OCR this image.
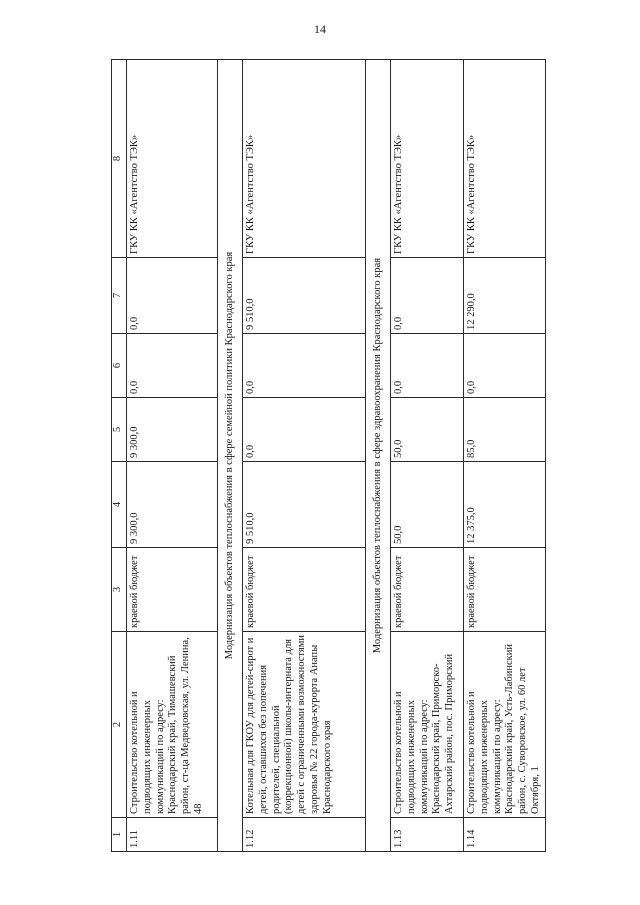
14
1	2	3	4	5	6	7	8
1.11	Строительство котельной и подводящих инженерных коммуникаций по адресу: Краснодарский край, Тимашевский район, ст-ца Медведовская, ул. Ленина, 48	краевой бюджет	9 300,0	9 300,0	0,0	0,0	ГКУ КК «Агентство ТЭК»
Модернизация объектов теплоснабжения в сфере семейной политики Краснодарского края							
1.12	Котельная для ГКОУ для детей-сирот и детей, оставшихся без попечения родителей, специальной (коррекционной) школы-интерната для детей с ограниченными возможностями здоровья № 22 города-курорта Анапы Краснодарского края	краевой бюджет	9 510,0	0,0	0,0	9 510,0	ГКУ КК «Агентство ТЭК»
Модернизация объектов теплоснабжения в сфере здравоохранения Краснодарского края							
1.13	Строительство котельной и подводящих инженерных коммуникаций по адресу: Краснодарский край, Приморско-Ахтарский район, пос. Приморский	краевой бюджет	50,0	50,0	0,0	0,0	ГКУ КК «Агентство ТЭК»
1.14	Строительство котельной и подводящих инженерных коммуникаций по адресу: Краснодарский край, Усть-Лабинский район, с. Суворовское, ул. 60 лет Октября, 1	краевой бюджет	12 375,0	85,0	0,0	12 290,0	ГКУ КК «Агентство ТЭК»
